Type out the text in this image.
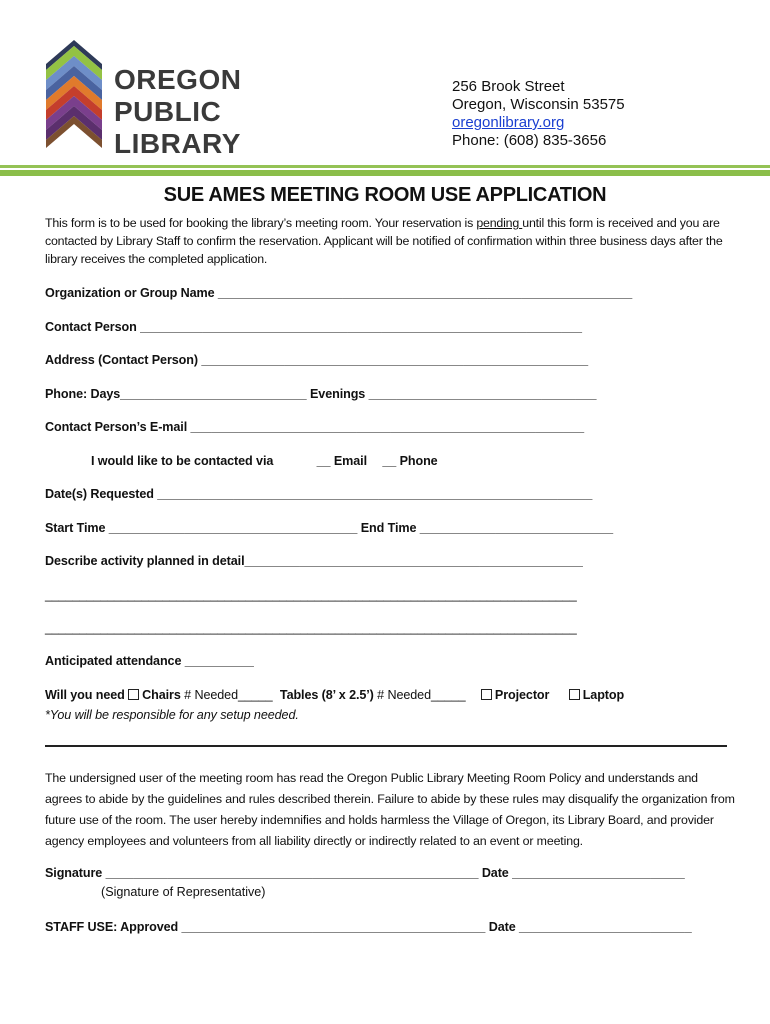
OREGON
PUBLIC
LIBRARY
256 Brook Street
Oregon, Wisconsin 53575
oregonlibrary.org
Phone: (608) 835-3656
SUE AMES MEETING ROOM USE APPLICATION
This form is to be used for booking the library’s meeting room. Your reservation is pending until this form is received and you are contacted by Library Staff to confirm the reservation. Applicant will be notified of confirmation within three business days after the library receives the completed application.
Organization or Group Name ____________________________________________________________
Contact Person ________________________________________________________________
Address (Contact Person) ________________________________________________________
Phone: Days___________________________ Evenings _________________________________
Contact Person’s E-mail _________________________________________________________
I would like to be contacted via	__ Email __ Phone
Date(s) Requested _______________________________________________________________
Start Time ____________________________________ End Time ____________________________
Describe activity planned in detail_________________________________________________
_____________________________________________________________________________
_____________________________________________________________________________
Anticipated attendance __________
Will you need Chairs # Needed_____ Tables (8’ x 2.5’) # Needed_____ Projector	Laptop
*You will be responsible for any setup needed.
The undersigned user of the meeting room has read the Oregon Public Library Meeting Room Policy and understands and agrees to abide by the guidelines and rules described therein. Failure to abide by these rules may disqualify the organization from future use of the room. The user hereby indemnifies and holds harmless the Village of Oregon, its Library Board, and provider agency employees and volunteers from all liability directly or indirectly related to an event or meeting.
Signature ______________________________________________________ Date _________________________
(Signature of Representative)
STAFF USE: Approved ____________________________________________ Date _________________________
